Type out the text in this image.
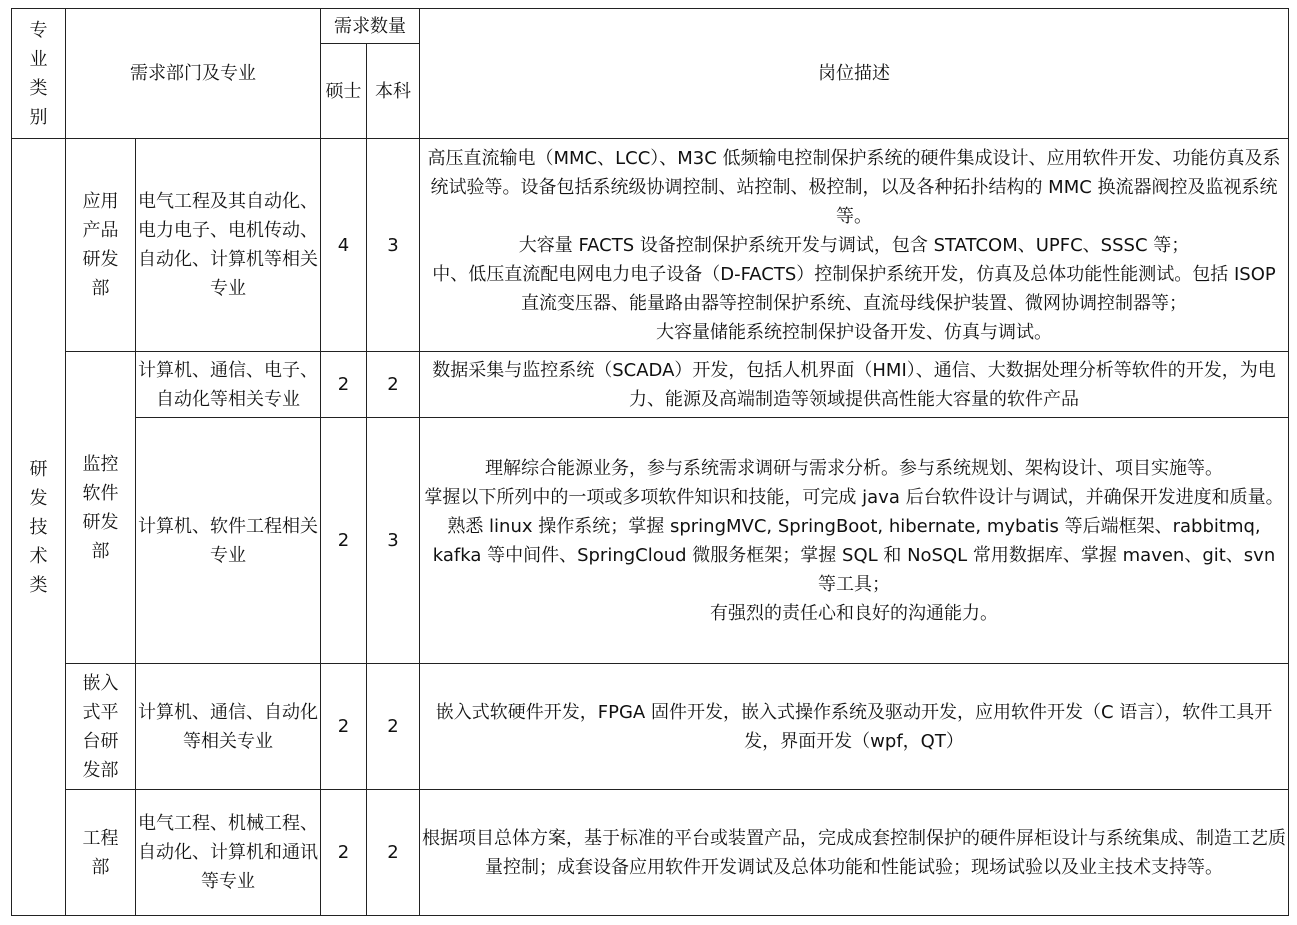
专业类别	需求部门及专业		需求数量		岗位描述
			硕士	本科	
研发技术类	应用产品研发部	电气工程及其自动化、电力电子、电机传动、自动化、计算机等相关专业	4	3	高压直流输电（MMC、LCC）、M3C 低频输电控制保护系统的硬件集成设计、应用软件开发、功能仿真及系统试验等。设备包括系统级协调控制、站控制、极控制，以及各种拓扑结构的 MMC 换流器阀控及监视系统等。
大容量 FACTS 设备控制保护系统开发与调试，包含 STATCOM、UPFC、SSSC 等；
中、低压直流配电网电力电子设备（D-FACTS）控制保护系统开发，仿真及总体功能性能测试。包括 ISOP 直流变压器、能量路由器等控制保护系统、直流母线保护装置、微网协调控制器等；
大容量储能系统控制保护设备开发、仿真与调试。

	监控软件研发部	计算机、通信、电子、自动化等相关专业	2	2	数据采集与监控系统（SCADA）开发，包括人机界面（HMI）、通信、大数据处理分析等软件的开发，为电力、能源及高端制造等领域提供高性能大容量的软件产品

		计算机、软件工程相关专业	2	3	理解综合能源业务，参与系统需求调研与需求分析。参与系统规划、架构设计、项目实施等。
掌握以下所列中的一项或多项软件知识和技能，可完成 java 后台软件设计与调试，并确保开发进度和质量。
熟悉 linux 操作系统；掌握 springMVC, SpringBoot, hibernate, mybatis 等后端框架、rabbitmq, kafka 等中间件、SpringCloud 微服务框架；掌握 SQL 和 NoSQL 常用数据库、掌握 maven、git、svn 等工具；
有强烈的责任心和良好的沟通能力。

	嵌入式平台研发部	计算机、通信、自动化等相关专业	2	2	嵌入式软硬件开发，FPGA 固件开发，嵌入式操作系统及驱动开发，应用软件开发（C 语言），软件工具开发，界面开发（wpf，QT）

	工程部	电气工程、机械工程、自动化、计算机和通讯等专业	2	2	根据项目总体方案，基于标准的平台或装置产品，完成成套控制保护的硬件屏柜设计与系统集成、制造工艺质量控制；成套设备应用软件开发调试及总体功能和性能试验；现场试验以及业主技术支持等。
